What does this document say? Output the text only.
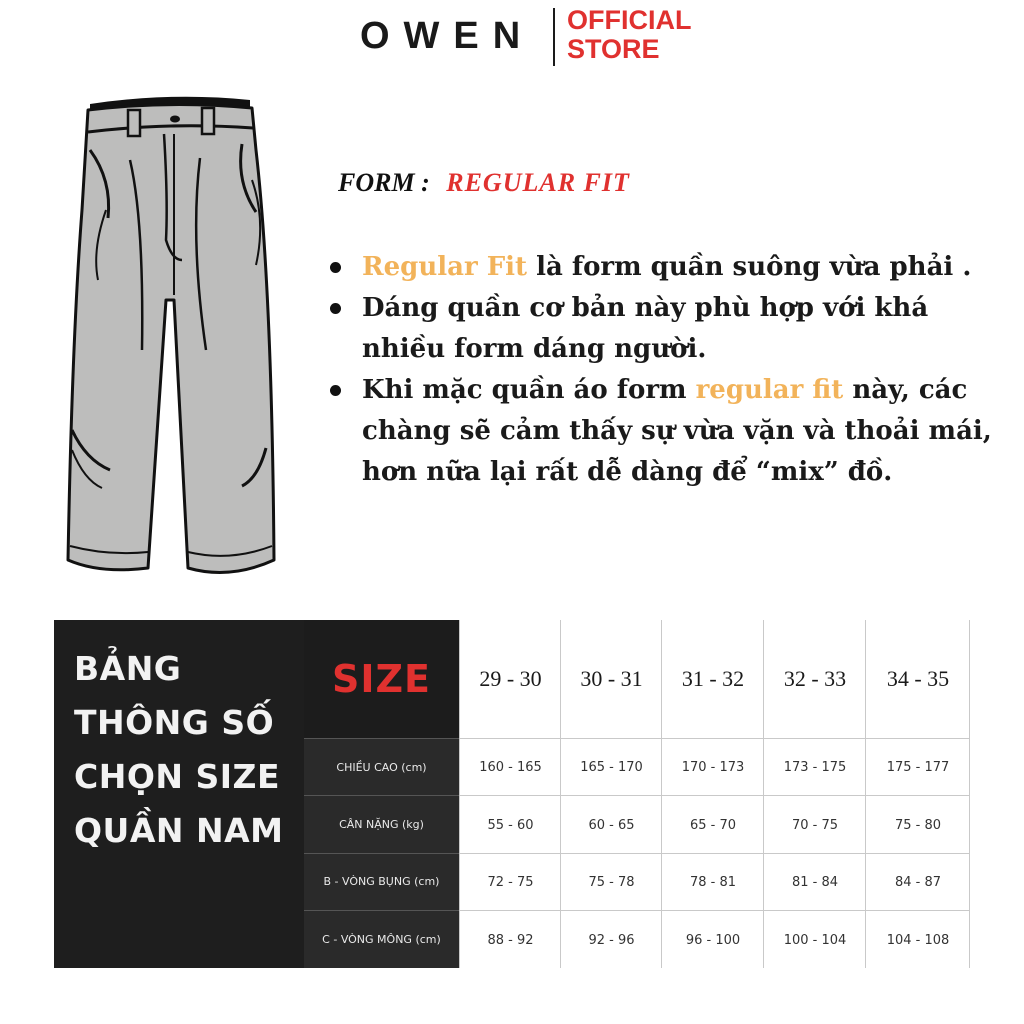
OWEN OFFICIAL
STORE
FORM : REGULAR FIT
Regular Fit là form quần suông vừa phải .
Dáng quần cơ bản này phù hợp với khá nhiều form dáng người.
Khi mặc quần áo form regular fit này, các chàng sẽ cảm thấy sự vừa vặn và thoải mái, hơn nữa lại rất dễ dàng để “mix” đồ.
BẢNG
THÔNG SỐ
CHỌN SIZE
QUẦN NAM
SIZE
CHIỀU CAO (cm)
CÂN NẶNG (kg)
B - VÒNG BỤNG (cm)
C - VÒNG MÔNG (cm)
29 - 30
160 - 165
55 - 60
72 - 75
88 - 92
30 - 31
165 - 170
60 - 65
75 - 78
92 - 96
31 - 32
170 - 173
65 - 70
78 - 81
96 - 100
32 - 33
173 - 175
70 - 75
81 - 84
100 - 104
34 - 35
175 - 177
75 - 80
84 - 87
104 - 108
